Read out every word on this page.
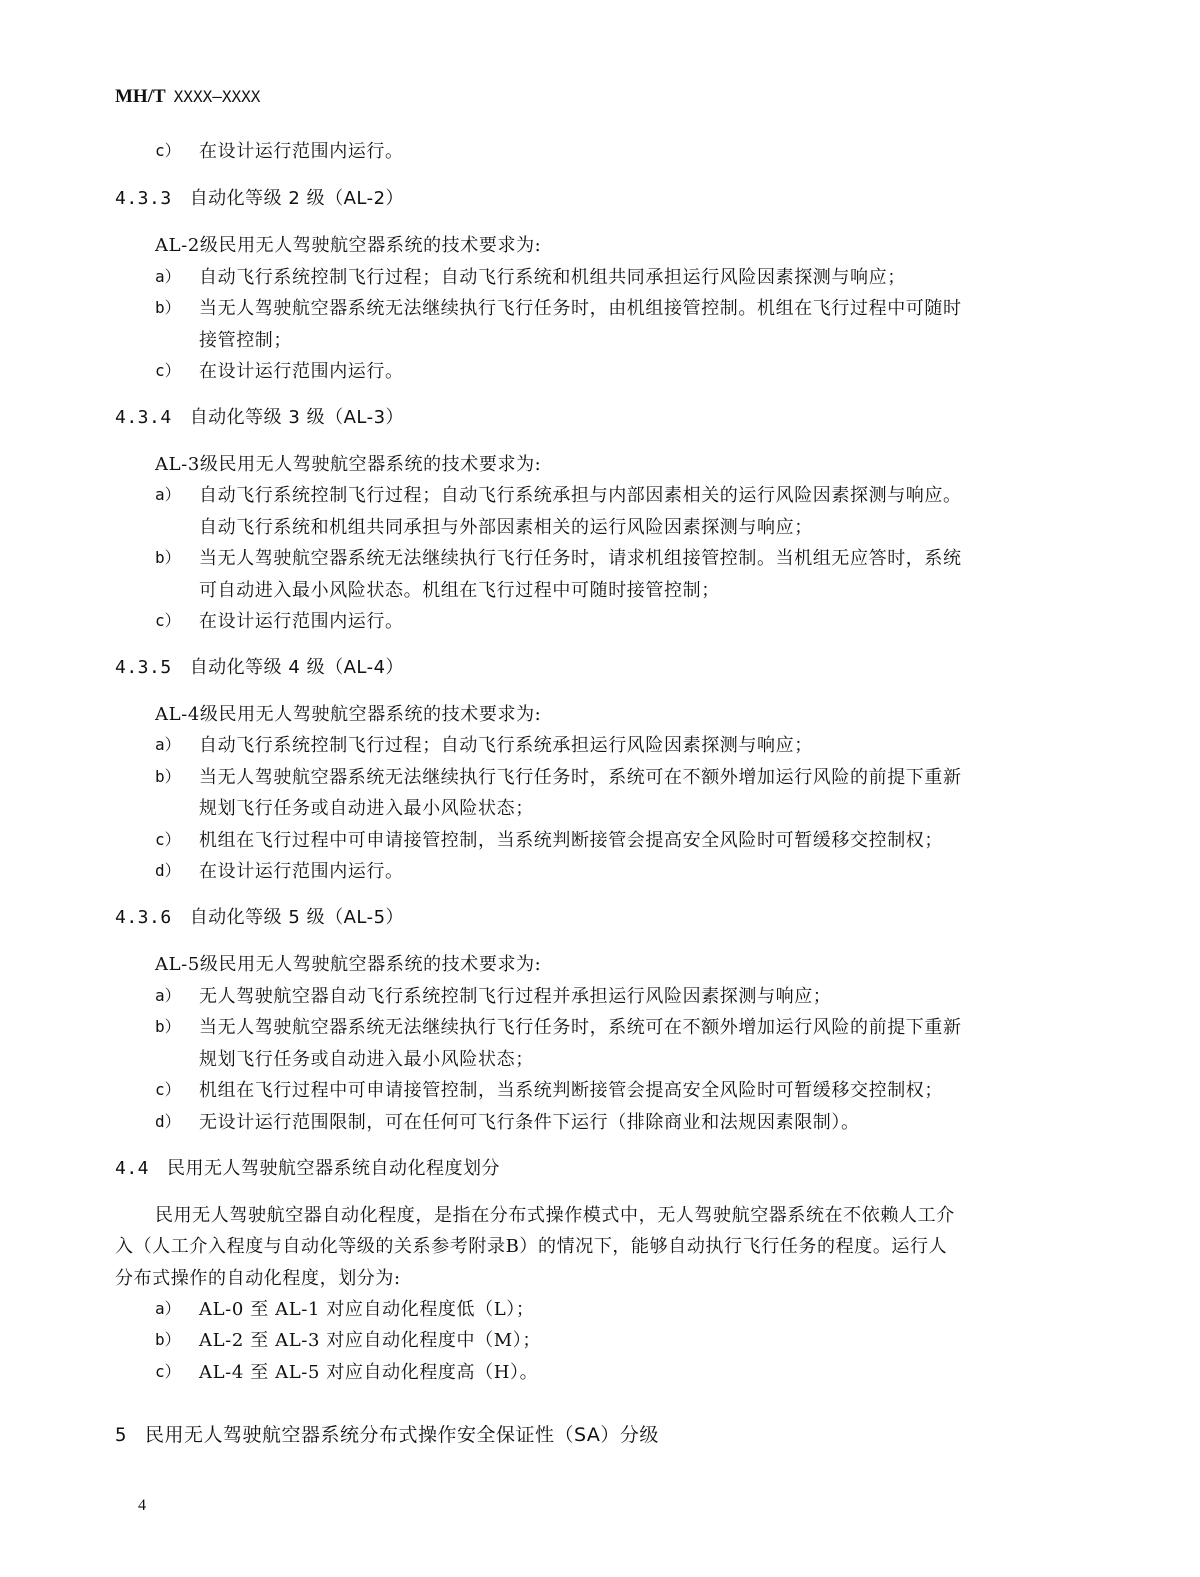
MH/T XXXX—XXXX
c） 在设计运行范围内运行。
4.3.3 自动化等级 2 级（AL-2）
AL-2级民用无人驾驶航空器系统的技术要求为:
a） 自动飞行系统控制飞行过程；自动飞行系统和机组共同承担运行风险因素探测与响应；
b） 当无人驾驶航空器系统无法继续执行飞行任务时，由机组接管控制。机组在飞行过程中可随时
接管控制；
c） 在设计运行范围内运行。
4.3.4 自动化等级 3 级（AL-3）
AL-3级民用无人驾驶航空器系统的技术要求为:
a） 自动飞行系统控制飞行过程；自动飞行系统承担与内部因素相关的运行风险因素探测与响应。
自动飞行系统和机组共同承担与外部因素相关的运行风险因素探测与响应；
b） 当无人驾驶航空器系统无法继续执行飞行任务时，请求机组接管控制。当机组无应答时，系统
可自动进入最小风险状态。机组在飞行过程中可随时接管控制；
c） 在设计运行范围内运行。
4.3.5 自动化等级 4 级（AL-4）
AL-4级民用无人驾驶航空器系统的技术要求为:
a） 自动飞行系统控制飞行过程；自动飞行系统承担运行风险因素探测与响应；
b） 当无人驾驶航空器系统无法继续执行飞行任务时，系统可在不额外增加运行风险的前提下重新
规划飞行任务或自动进入最小风险状态；
c） 机组在飞行过程中可申请接管控制，当系统判断接管会提高安全风险时可暂缓移交控制权；
d） 在设计运行范围内运行。
4.3.6 自动化等级 5 级（AL-5）
AL-5级民用无人驾驶航空器系统的技术要求为:
a） 无人驾驶航空器自动飞行系统控制飞行过程并承担运行风险因素探测与响应；
b） 当无人驾驶航空器系统无法继续执行飞行任务时，系统可在不额外增加运行风险的前提下重新
规划飞行任务或自动进入最小风险状态；
c） 机组在飞行过程中可申请接管控制，当系统判断接管会提高安全风险时可暂缓移交控制权；
d） 无设计运行范围限制，可在任何可飞行条件下运行（排除商业和法规因素限制）。
4.4 民用无人驾驶航空器系统自动化程度划分
民用无人驾驶航空器自动化程度，是指在分布式操作模式中，无人驾驶航空器系统在不依赖人工介
入（人工介入程度与自动化等级的关系参考附录B）的情况下，能够自动执行飞行任务的程度。运行人
分布式操作的自动化程度，划分为:
a） AL-0 至 AL-1 对应自动化程度低（L）；
b） AL-2 至 AL-3 对应自动化程度中（M）；
c） AL-4 至 AL-5 对应自动化程度高（H）。
5 民用无人驾驶航空器系统分布式操作安全保证性（SA）分级
4
